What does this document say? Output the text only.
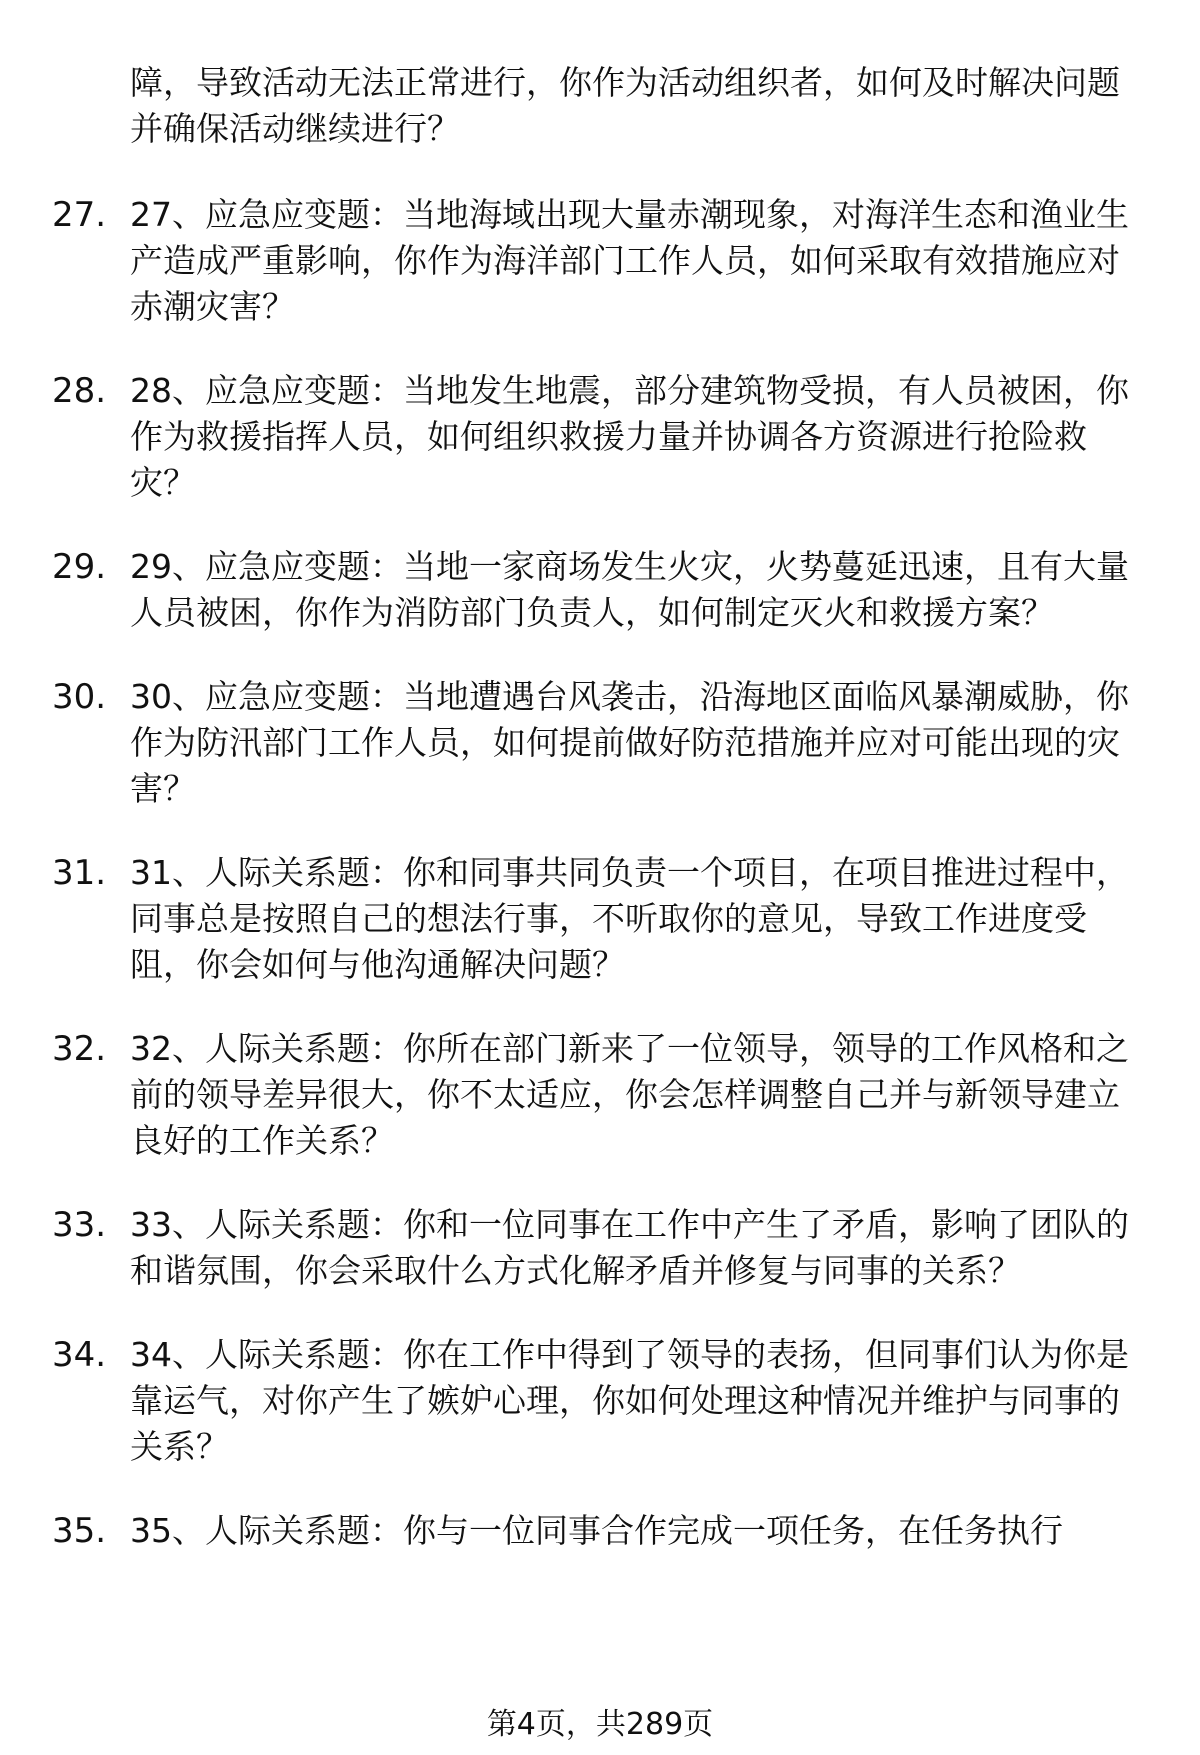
障，导致活动无法正常进行，你作为活动组织者，如何及时解决问题并确保活动继续进行？
27. 27、应急应变题：当地海域出现大量赤潮现象，对海洋生态和渔业生产造成严重影响，你作为海洋部门工作人员，如何采取有效措施应对赤潮灾害？
28. 28、应急应变题：当地发生地震，部分建筑物受损，有人员被困，你作为救援指挥人员，如何组织救援力量并协调各方资源进行抢险救灾？
29. 29、应急应变题：当地一家商场发生火灾，火势蔓延迅速，且有大量人员被困，你作为消防部门负责人，如何制定灭火和救援方案？
30. 30、应急应变题：当地遭遇台风袭击，沿海地区面临风暴潮威胁，你作为防汛部门工作人员，如何提前做好防范措施并应对可能出现的灾害？
31. 31、人际关系题：你和同事共同负责一个项目，在项目推进过程中，同事总是按照自己的想法行事，不听取你的意见，导致工作进度受阻，你会如何与他沟通解决问题？
32. 32、人际关系题：你所在部门新来了一位领导，领导的工作风格和之前的领导差异很大，你不太适应，你会怎样调整自己并与新领导建立良好的工作关系？
33. 33、人际关系题：你和一位同事在工作中产生了矛盾，影响了团队的和谐氛围，你会采取什么方式化解矛盾并修复与同事的关系？
34. 34、人际关系题：你在工作中得到了领导的表扬，但同事们认为你是靠运气，对你产生了嫉妒心理，你如何处理这种情况并维护与同事的关系？
35. 35、人际关系题：你与一位同事合作完成一项任务，在任务执行
第4页，共289页
